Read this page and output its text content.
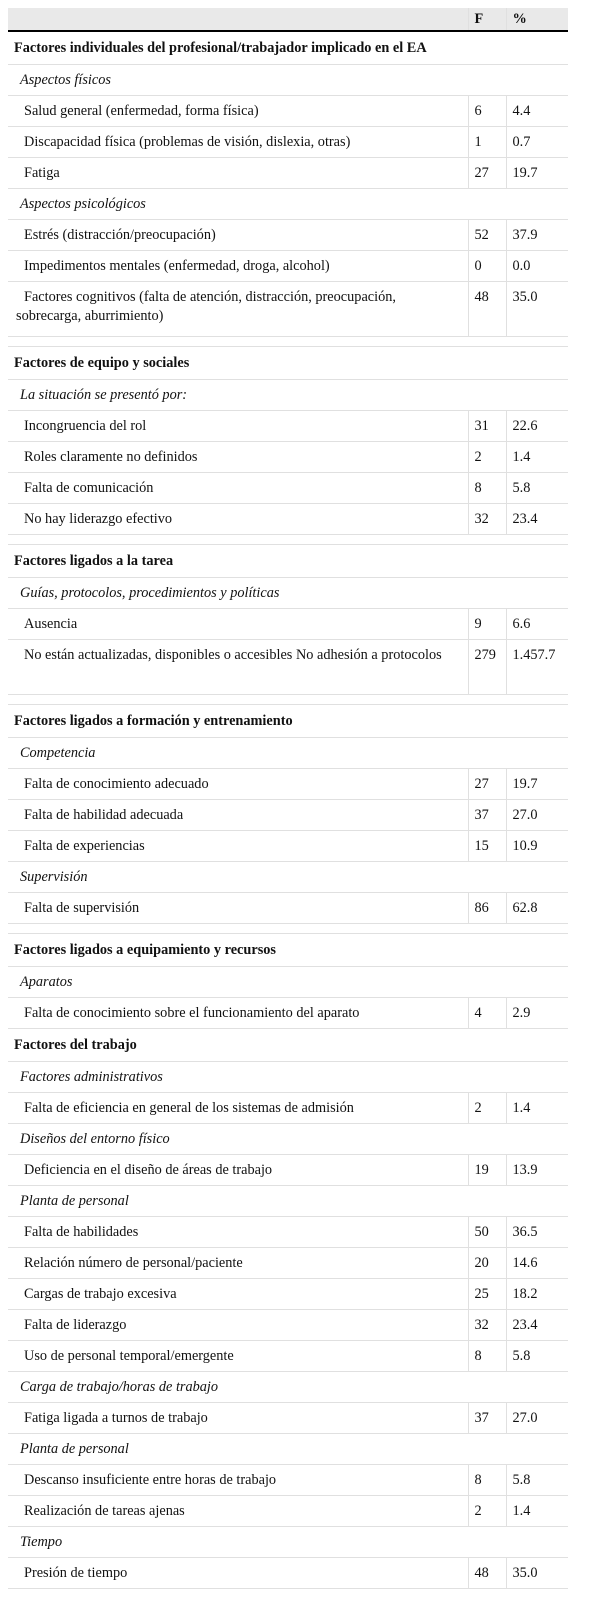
	F	%
Factores individuales del profesional/trabajador implicado en el EA		
Aspectos físicos		
Salud general (enfermedad, forma física)	6	4.4
Discapacidad física (problemas de visión, dislexia, otras)	1	0.7
Fatiga	27	19.7
Aspectos psicológicos		
Estrés (distracción/preocupación)	52	37.9
Impedimentos mentales (enfermedad, droga, alcohol)	0	0.0
Factores cognitivos (falta de atención, distracción, preocupación, sobrecarga, aburrimiento)	48	35.0

Factores de equipo y sociales		
La situación se presentó por:		
Incongruencia del rol	31	22.6
Roles claramente no definidos	2	1.4
Falta de comunicación	8	5.8
No hay liderazgo efectivo	32	23.4

Factores ligados a la tarea		
Guías, protocolos, procedimientos y políticas		
Ausencia	9	6.6
No están actualizadas, disponibles o accesibles No adhesión a protocolos	279	1.457.7

Factores ligados a formación y entrenamiento		
Competencia		
Falta de conocimiento adecuado	27	19.7
Falta de habilidad adecuada	37	27.0
Falta de experiencias	15	10.9
Supervisión		
Falta de supervisión	86	62.8

Factores ligados a equipamiento y recursos		
Aparatos		
Falta de conocimiento sobre el funcionamiento del aparato	4	2.9
Factores del trabajo		
Factores administrativos		
Falta de eficiencia en general de los sistemas de admisión	2	1.4
Diseños del entorno físico		
Deficiencia en el diseño de áreas de trabajo	19	13.9
Planta de personal		
Falta de habilidades	50	36.5
Relación número de personal/paciente	20	14.6
Cargas de trabajo excesiva	25	18.2
Falta de liderazgo	32	23.4
Uso de personal temporal/emergente	8	5.8
Carga de trabajo/horas de trabajo		
Fatiga ligada a turnos de trabajo	37	27.0
Planta de personal		
Descanso insuficiente entre horas de trabajo	8	5.8
Realización de tareas ajenas	2	1.4
Tiempo		
Presión de tiempo	48	35.0
